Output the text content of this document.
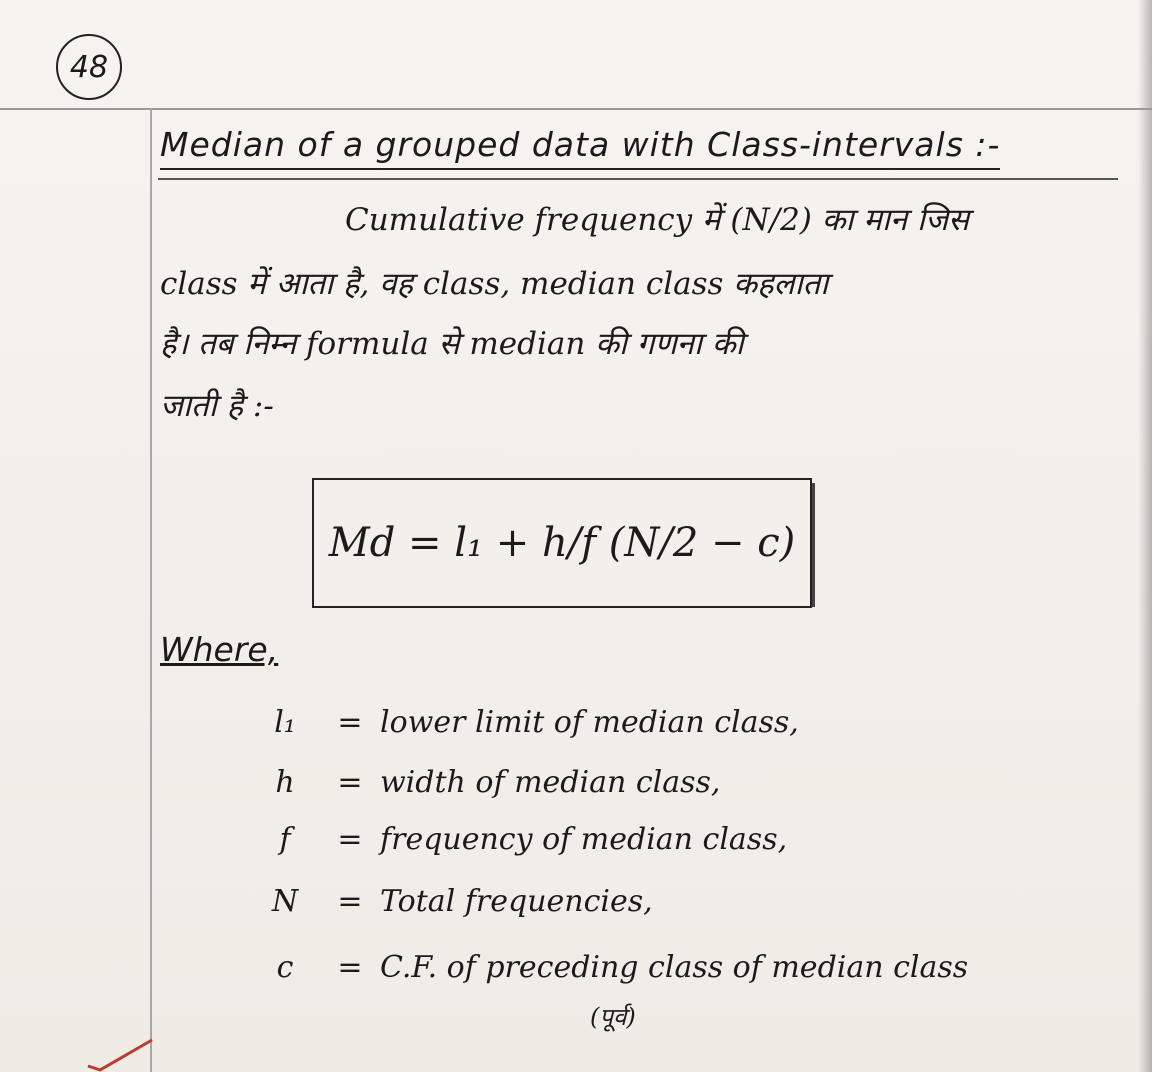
48
Median of a grouped data with Class-intervals :-
Cumulative frequency में (N/2) का मान जिस
class में आता है, वह class, median class कहलाता
है। तब निम्न formula से median की गणना की
जाती है :-
Md = l₁ + h/f (N/2 − c)
Where,
l₁ = lower limit of median class,
h = width of median class,
f = frequency of median class,
N = Total frequencies,
c = C.F. of preceding class of median class
(पूर्व)
